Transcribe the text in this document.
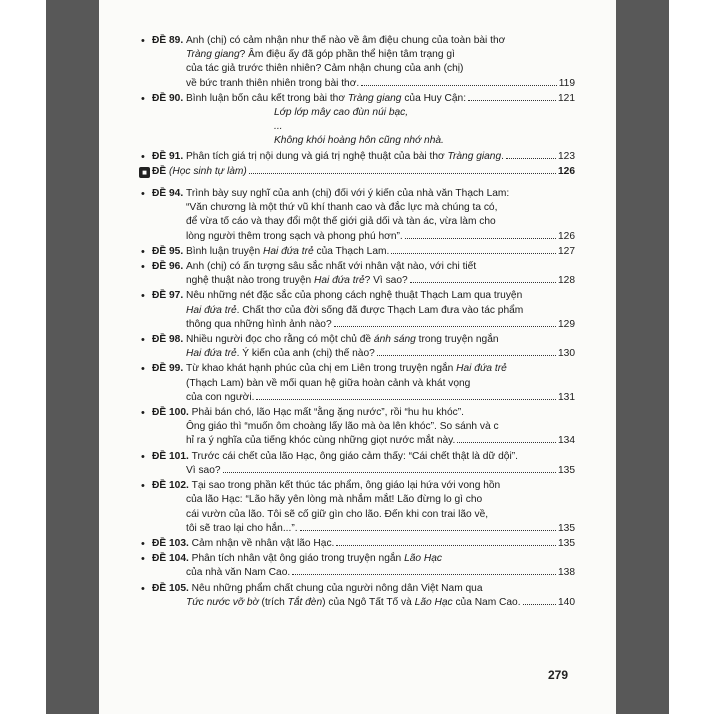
• ĐỀ 89. Anh (chị) có cảm nhận như thế nào về âm điệu chung của toàn bài thơ
Tràng giang? Âm điệu ấy đã góp phần thể hiện tâm trạng gì
của tác giả trước thiên nhiên? Cảm nhận chung của anh (chị)
về bức tranh thiên nhiên trong bài thơ.	119
• ĐỀ 90. Bình luận bốn câu kết trong bài thơ Tràng giang của Huy Cận:	121
Lớp lớp mây cao đùn núi bạc,
...
Không khói hoàng hôn cũng nhớ nhà.
• ĐỀ 91. Phân tích giá trị nội dung và giá trị nghệ thuật của bài thơ Tràng giang.	123
■ ĐỀ (Học sinh tự làm)	126
• ĐỀ 94. Trình bày suy nghĩ của anh (chị) đối với ý kiến của nhà văn Thạch Lam:
“Văn chương là một thứ vũ khí thanh cao và đắc lực mà chúng ta có,
để vừa tố cáo và thay đổi một thế giới giả dối và tàn ác, vừa làm cho
lòng người thêm trong sạch và phong phú hơn”.	126
• ĐỀ 95. Bình luận truyện Hai đứa trẻ của Thạch Lam.	127
• ĐỀ 96. Anh (chị) có ấn tượng sâu sắc nhất với nhân vật nào, với chi tiết
nghệ thuật nào trong truyện Hai đứa trẻ? Vì sao?	128
• ĐỀ 97. Nêu những nét đặc sắc của phong cách nghệ thuật Thạch Lam qua truyện
Hai đứa trẻ. Chất thơ của đời sống đã được Thạch Lam đưa vào tác phẩm
thông qua những hình ảnh nào?	129
• ĐỀ 98. Nhiều người đọc cho rằng có một chủ đề ánh sáng trong truyện ngắn
Hai đứa trẻ. Ý kiến của anh (chị) thế nào?	130
• ĐỀ 99. Từ khao khát hạnh phúc của chị em Liên trong truyện ngắn Hai đứa trẻ
(Thạch Lam) bàn về mối quan hệ giữa hoàn cảnh và khát vọng
của con người.	131
• ĐỀ 100. Phải bán chó, lão Hạc mất “ằng ặng nước”, rồi “hu hu khóc”.
Ông giáo thì “muốn ôm choàng lấy lão mà òa lên khóc”. So sánh và c
hỉ ra ý nghĩa của tiếng khóc cùng những giọt nước mắt này.	134
• ĐỀ 101. Trước cái chết của lão Hạc, ông giáo cảm thấy: “Cái chết thật là dữ dội”.
Vì sao?	135
• ĐỀ 102. Tại sao trong phần kết thúc tác phẩm, ông giáo lại hứa với vong hồn
của lão Hạc: “Lão hãy yên lòng mà nhắm mắt! Lão đừng lo gì cho
cái vườn của lão. Tôi sẽ cố giữ gìn cho lão. Đến khi con trai lão về,
tôi sẽ trao lại cho hắn...”.	135
• ĐỀ 103. Cảm nhận về nhân vật lão Hạc.	135
• ĐỀ 104. Phân tích nhân vật ông giáo trong truyện ngắn Lão Hạc
của nhà văn Nam Cao.	138
• ĐỀ 105. Nêu những phẩm chất chung của người nông dân Việt Nam qua
Tức nước vỡ bờ (trích Tắt đèn) của Ngô Tất Tố và Lão Hạc của Nam Cao.	140
279
